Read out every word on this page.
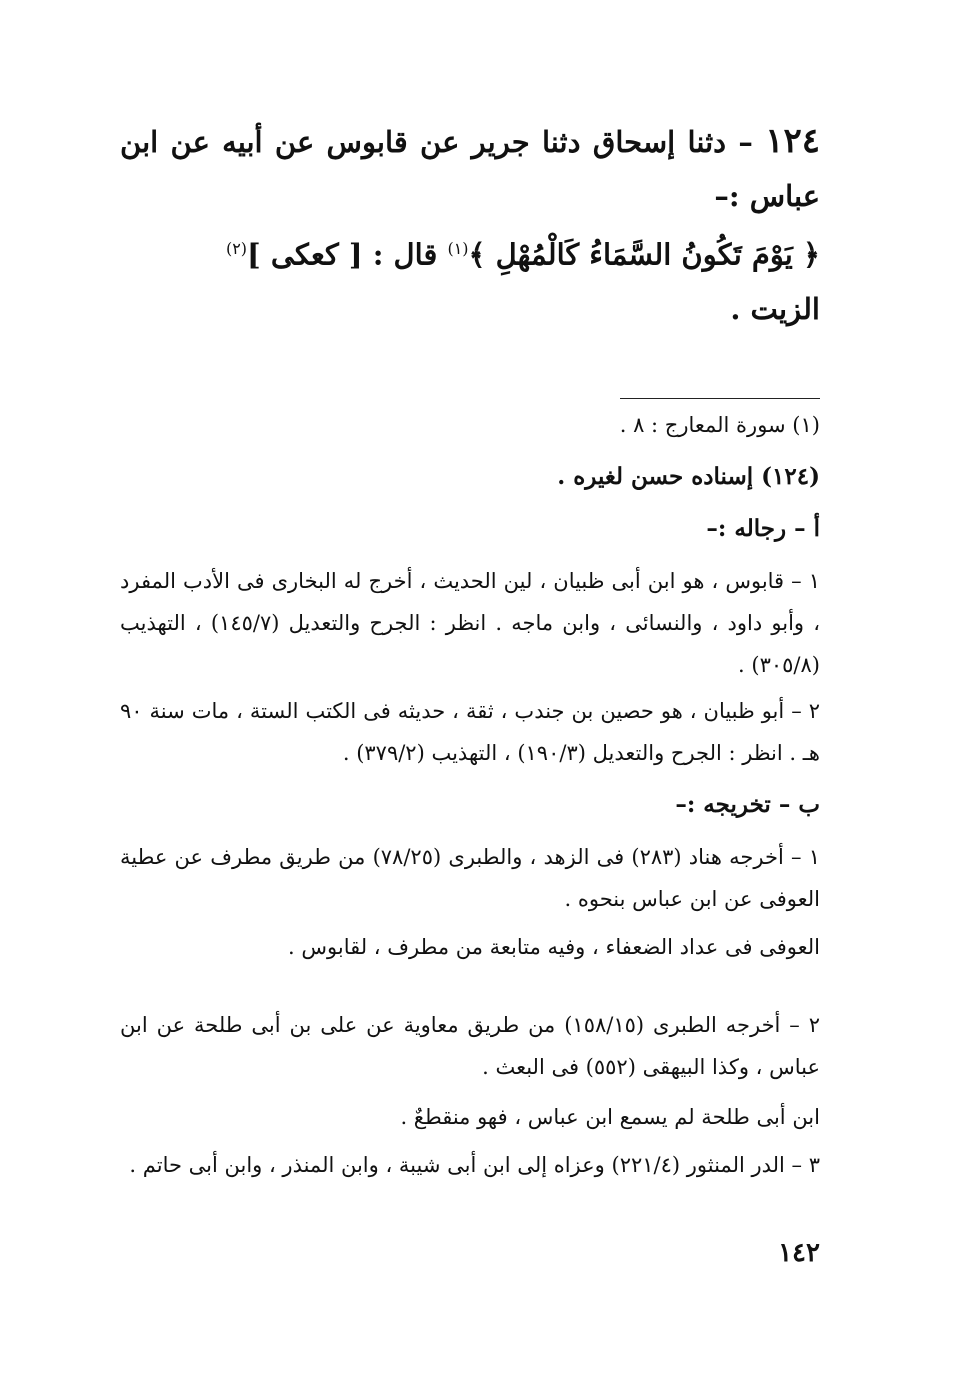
١٢٤ – دثنا إسحاق دثنا جرير عن قابوس عن أبيه عن ابن عباس :–
﴿ يَوْمَ تَكُونُ السَّمَاءُ كَالْمُهْلِ ﴾$^{(١)}$ قال : [ كعكى ]$^{(٢)}$
الزيت .
(١) سورة المعارج : ٨ .
(١٢٤) إسناده حسن لغيره .
أ – رجاله :–
١ – قابوس ، هو ابن أبى ظبيان ، لين الحديث ، أخرج له البخارى فى الأدب المفرد ، وأبو داود ، والنسائى ، وابن ماجه . انظر : الجرح والتعديل (١٤٥/٧) ، التهذيب (٣٠٥/٨) .
٢ – أبو ظبيان ، هو حصين بن جندب ، ثقة ، حديثه فى الكتب الستة ، مات سنة ٩٠ هـ . انظر : الجرح والتعديل (١٩٠/٣) ، التهذيب (٣٧٩/٢) .
ب – تخريجه :–
١ – أخرجه هناد (٢٨٣) فى الزهد ، والطبرى (٧٨/٢٥) من طريق مطرف عن عطية العوفى عن ابن عباس بنحوه .
العوفى فى عداد الضعفاء ، وفيه متابعة من مطرف ، لقابوس .
٢ – أخرجه الطبرى (١٥٨/١٥) من طريق معاوية عن على بن أبى طلحة عن ابن عباس ، وكذا البيهقى (٥٥٢) فى البعث .
ابن أبى طلحة لم يسمع ابن عباس ، فهو منقطعٌ .
٣ – الدر المنثور (٢٢١/٤) وعزاه إلى ابن أبى شيبة ، وابن المنذر ، وابن أبى حاتم .
١٤٢
